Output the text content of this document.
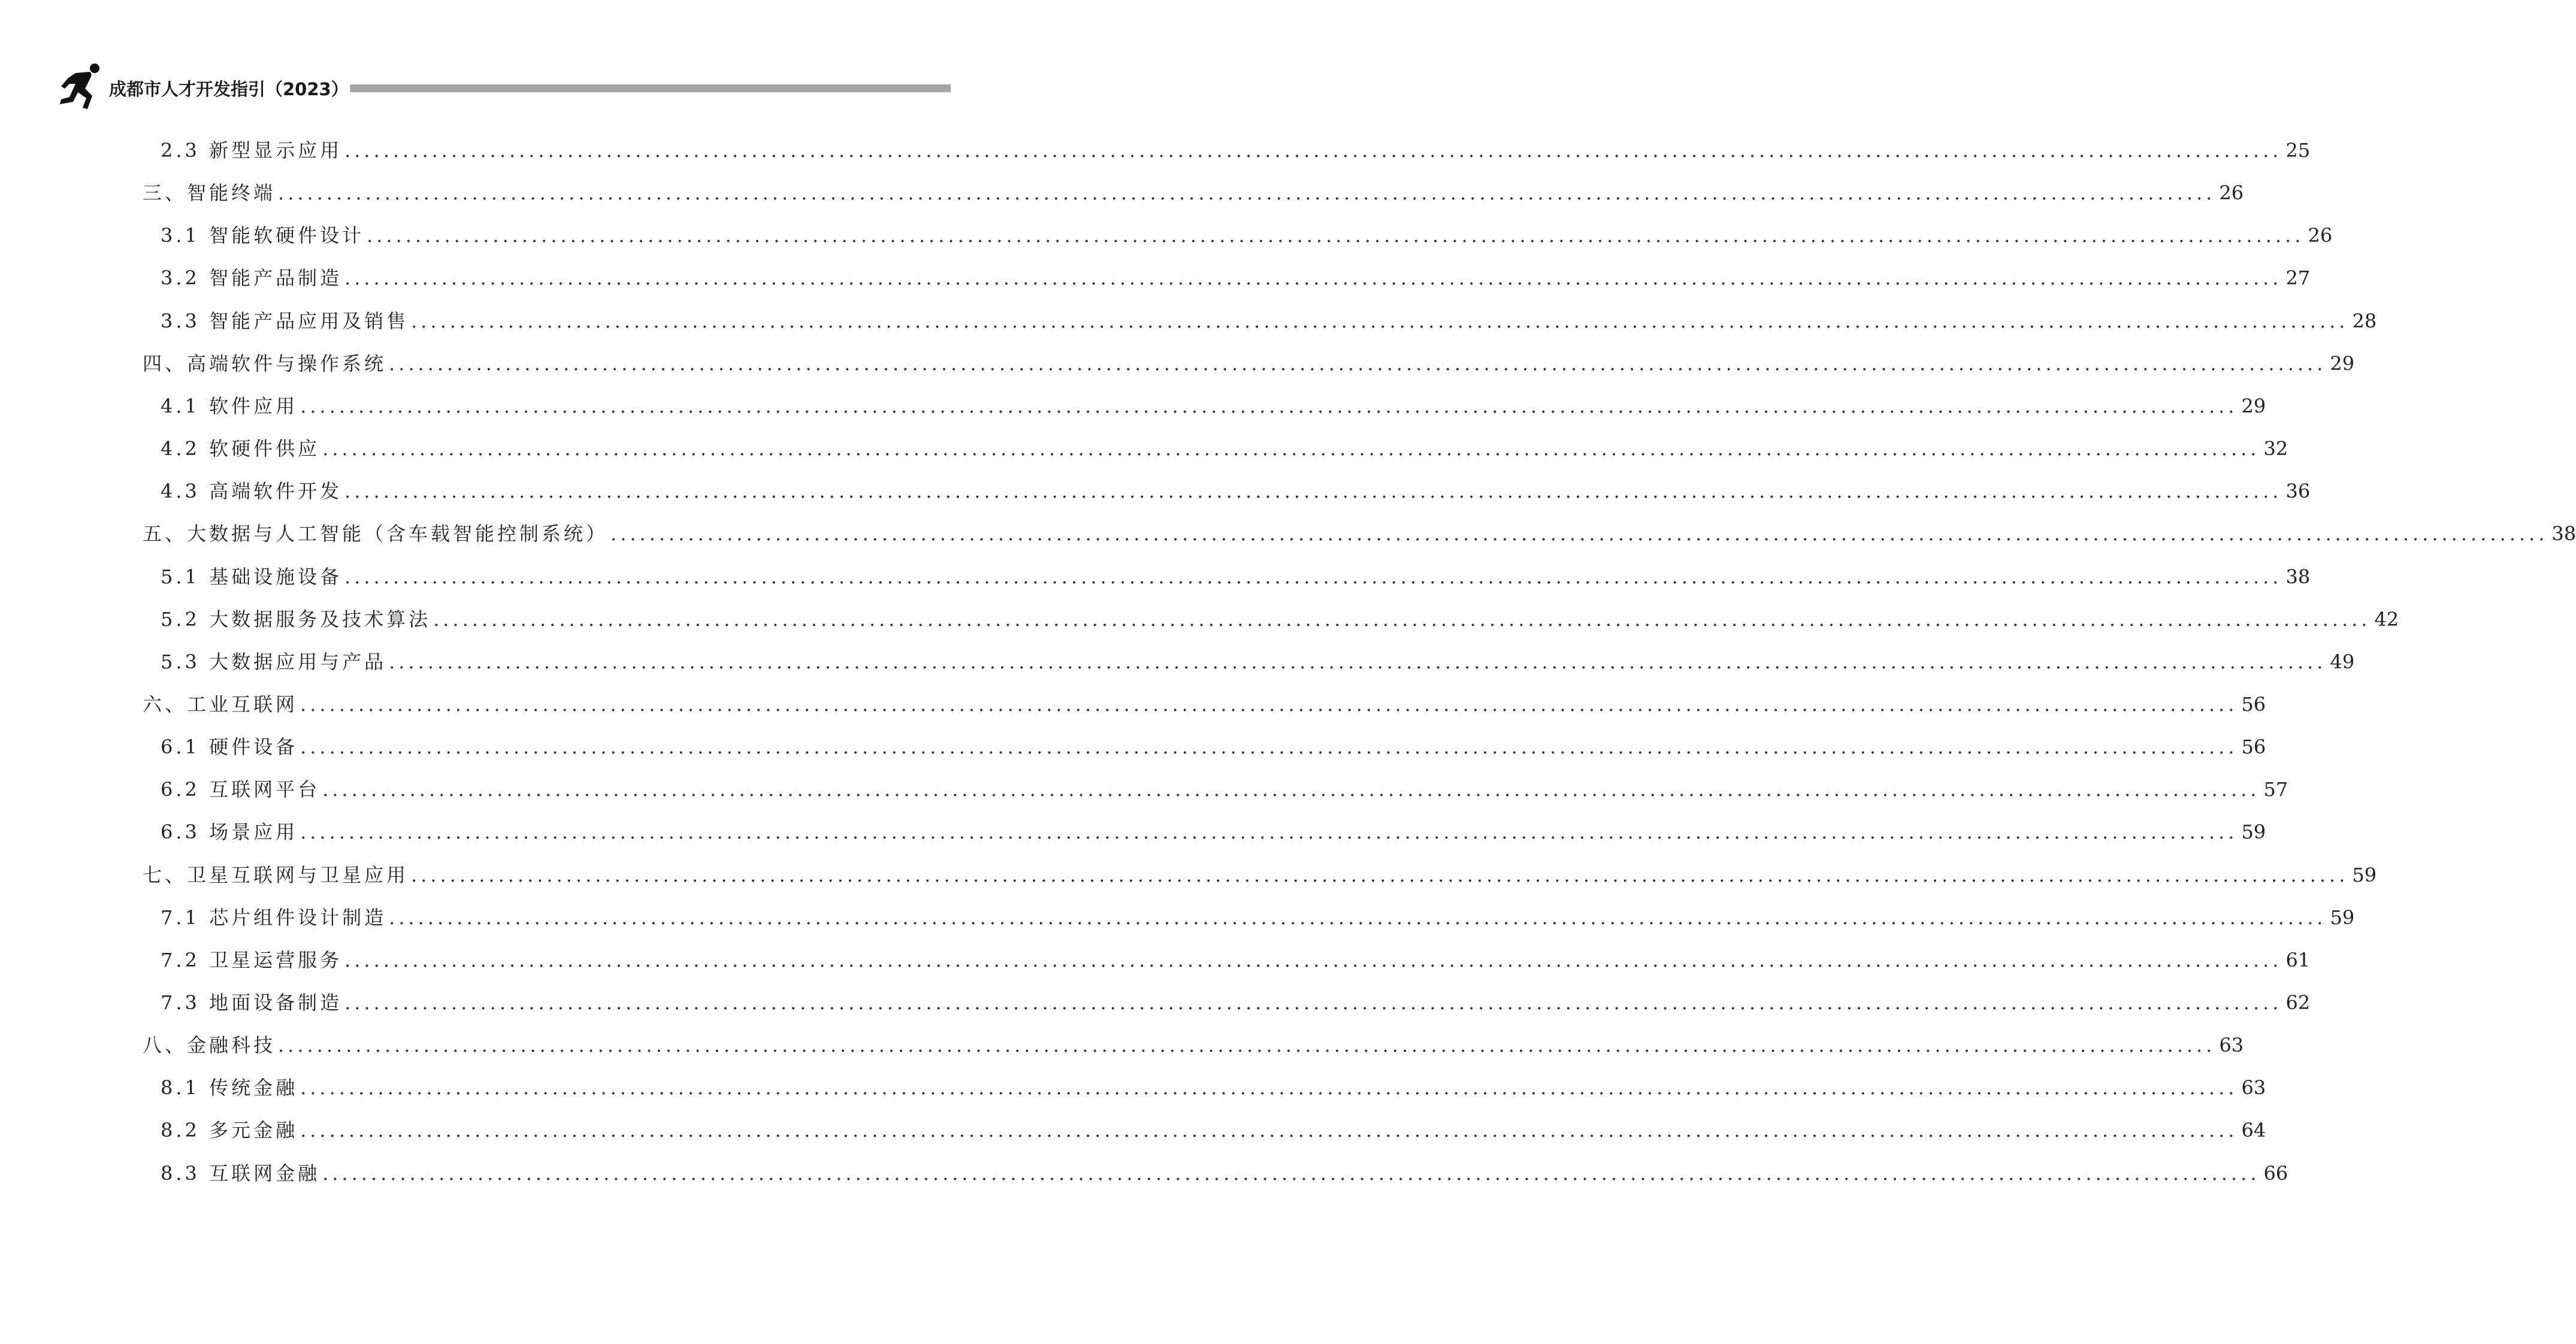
成都市人才开发指引（2023）
2.3 新型显示应用 ........................................................................................................................................................................................................ 25
三、智能终端 ........................................................................................................................................................................................................ 26
3.1 智能软硬件设计 ........................................................................................................................................................................................................ 26
3.2 智能产品制造 ........................................................................................................................................................................................................ 27
3.3 智能产品应用及销售 ........................................................................................................................................................................................................ 28
四、高端软件与操作系统 ........................................................................................................................................................................................................ 29
4.1 软件应用 ........................................................................................................................................................................................................ 29
4.2 软硬件供应 ........................................................................................................................................................................................................ 32
4.3 高端软件开发 ........................................................................................................................................................................................................ 36
五、大数据与人工智能（含车载智能控制系统） ........................................................................................................................................................................................................ 38
5.1 基础设施设备 ........................................................................................................................................................................................................ 38
5.2 大数据服务及技术算法 ........................................................................................................................................................................................................ 42
5.3 大数据应用与产品 ........................................................................................................................................................................................................ 49
六、工业互联网 ........................................................................................................................................................................................................ 56
6.1 硬件设备 ........................................................................................................................................................................................................ 56
6.2 互联网平台 ........................................................................................................................................................................................................ 57
6.3 场景应用 ........................................................................................................................................................................................................ 59
七、卫星互联网与卫星应用 ........................................................................................................................................................................................................ 59
7.1 芯片组件设计制造 ........................................................................................................................................................................................................ 59
7.2 卫星运营服务 ........................................................................................................................................................................................................ 61
7.3 地面设备制造 ........................................................................................................................................................................................................ 62
八、金融科技 ........................................................................................................................................................................................................ 63
8.1 传统金融 ........................................................................................................................................................................................................ 63
8.2 多元金融 ........................................................................................................................................................................................................ 64
8.3 互联网金融 ........................................................................................................................................................................................................ 66
